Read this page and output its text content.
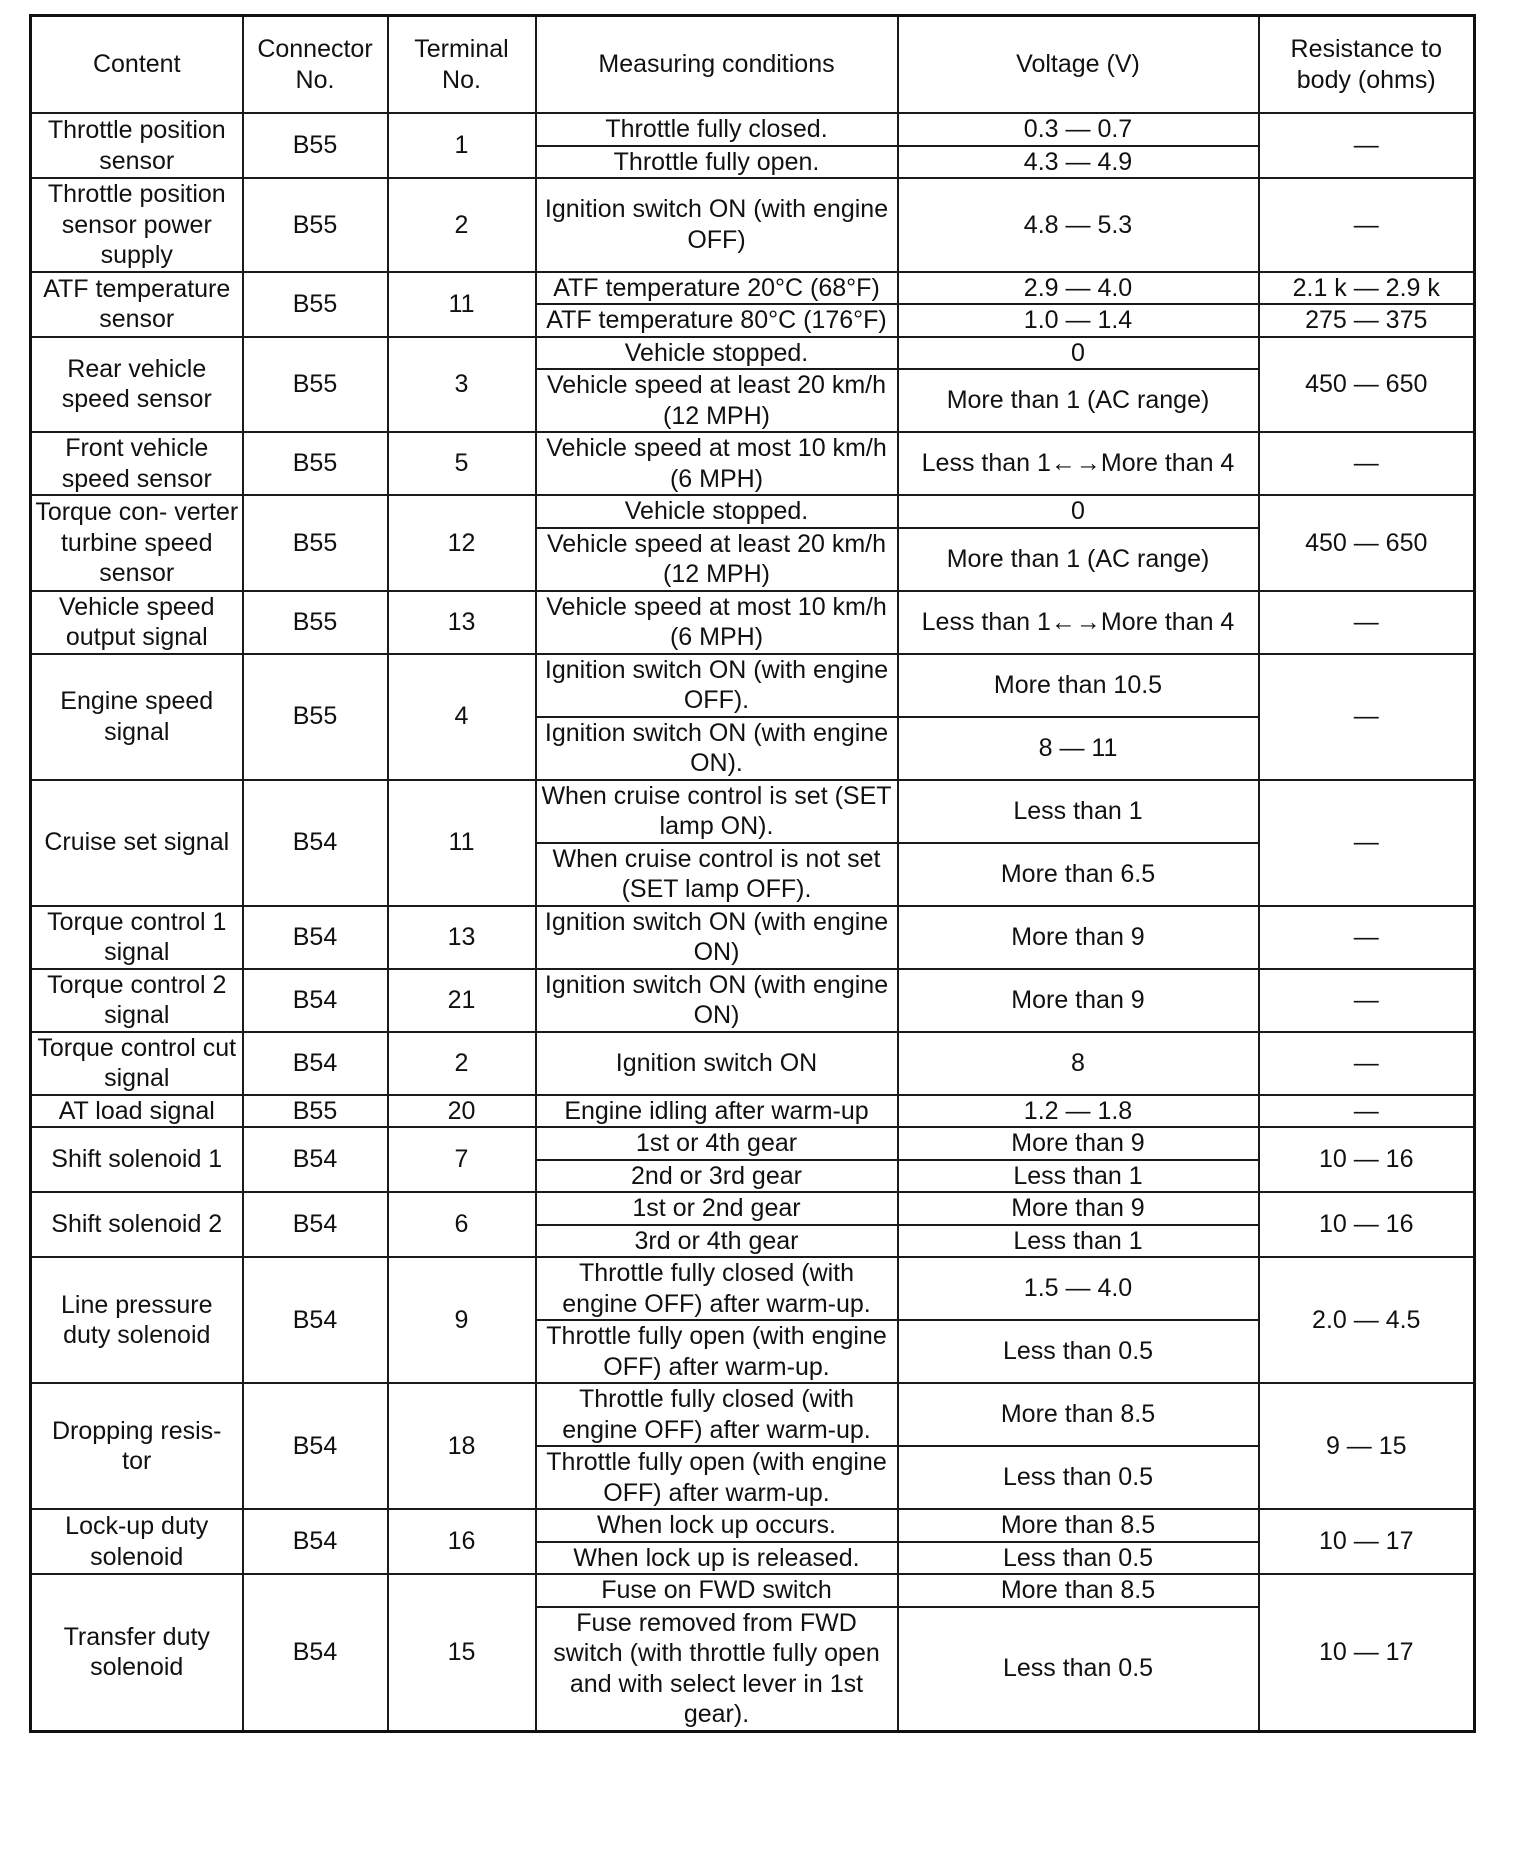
Content	Connector No.	Terminal No.	Measuring conditions	Voltage (V)	Resistance to body (ohms)
Throttle position sensor	B55	1	Throttle fully closed.	0.3 — 0.7	—
			Throttle fully open.	4.3 — 4.9	
Throttle position sensor power supply	B55	2	Ignition switch ON (with engine OFF)	4.8 — 5.3	—
ATF temperature sensor	B55	11	ATF temperature 20°C (68°F)	2.9 — 4.0	2.1 k — 2.9 k
			ATF temperature 80°C (176°F)	1.0 — 1.4	275 — 375
Rear vehicle speed sensor	B55	3	Vehicle stopped.	0	450 — 650
			Vehicle speed at least 20 km/h (12 MPH)	More than 1 (AC range)	
Front vehicle speed sensor	B55	5	Vehicle speed at most 10 km/h (6 MPH)	Less than 1←→More than 4	—
Torque con- verter turbine speed sensor	B55	12	Vehicle stopped.	0	450 — 650
			Vehicle speed at least 20 km/h (12 MPH)	More than 1 (AC range)	
Vehicle speed output signal	B55	13	Vehicle speed at most 10 km/h (6 MPH)	Less than 1←→More than 4	—
Engine speed signal	B55	4	Ignition switch ON (with engine OFF).	More than 10.5	—
			Ignition switch ON (with engine ON).	8 — 11	
Cruise set signal	B54	11	When cruise control is set (SET lamp ON).	Less than 1	—
			When cruise control is not set (SET lamp OFF).	More than 6.5	
Torque control 1 signal	B54	13	Ignition switch ON (with engine ON)	More than 9	—
Torque control 2 signal	B54	21	Ignition switch ON (with engine ON)	More than 9	—
Torque control cut signal	B54	2	Ignition switch ON	8	—
AT load signal	B55	20	Engine idling after warm-up	1.2 — 1.8	—
Shift solenoid 1	B54	7	1st or 4th gear	More than 9	10 — 16
			2nd or 3rd gear	Less than 1	
Shift solenoid 2	B54	6	1st or 2nd gear	More than 9	10 — 16
			3rd or 4th gear	Less than 1	
Line pressure duty solenoid	B54	9	Throttle fully closed (with engine OFF) after warm-up.	1.5 — 4.0	2.0 — 4.5
			Throttle fully open (with engine OFF) after warm-up.	Less than 0.5	
Dropping resis- tor	B54	18	Throttle fully closed (with engine OFF) after warm-up.	More than 8.5	9 — 15
			Throttle fully open (with engine OFF) after warm-up.	Less than 0.5	
Lock-up duty solenoid	B54	16	When lock up occurs.	More than 8.5	10 — 17
			When lock up is released.	Less than 0.5	
Transfer duty solenoid	B54	15	Fuse on FWD switch	More than 8.5	10 — 17
			Fuse removed from FWD switch (with throttle fully open and with select lever in 1st gear).	Less than 0.5	
